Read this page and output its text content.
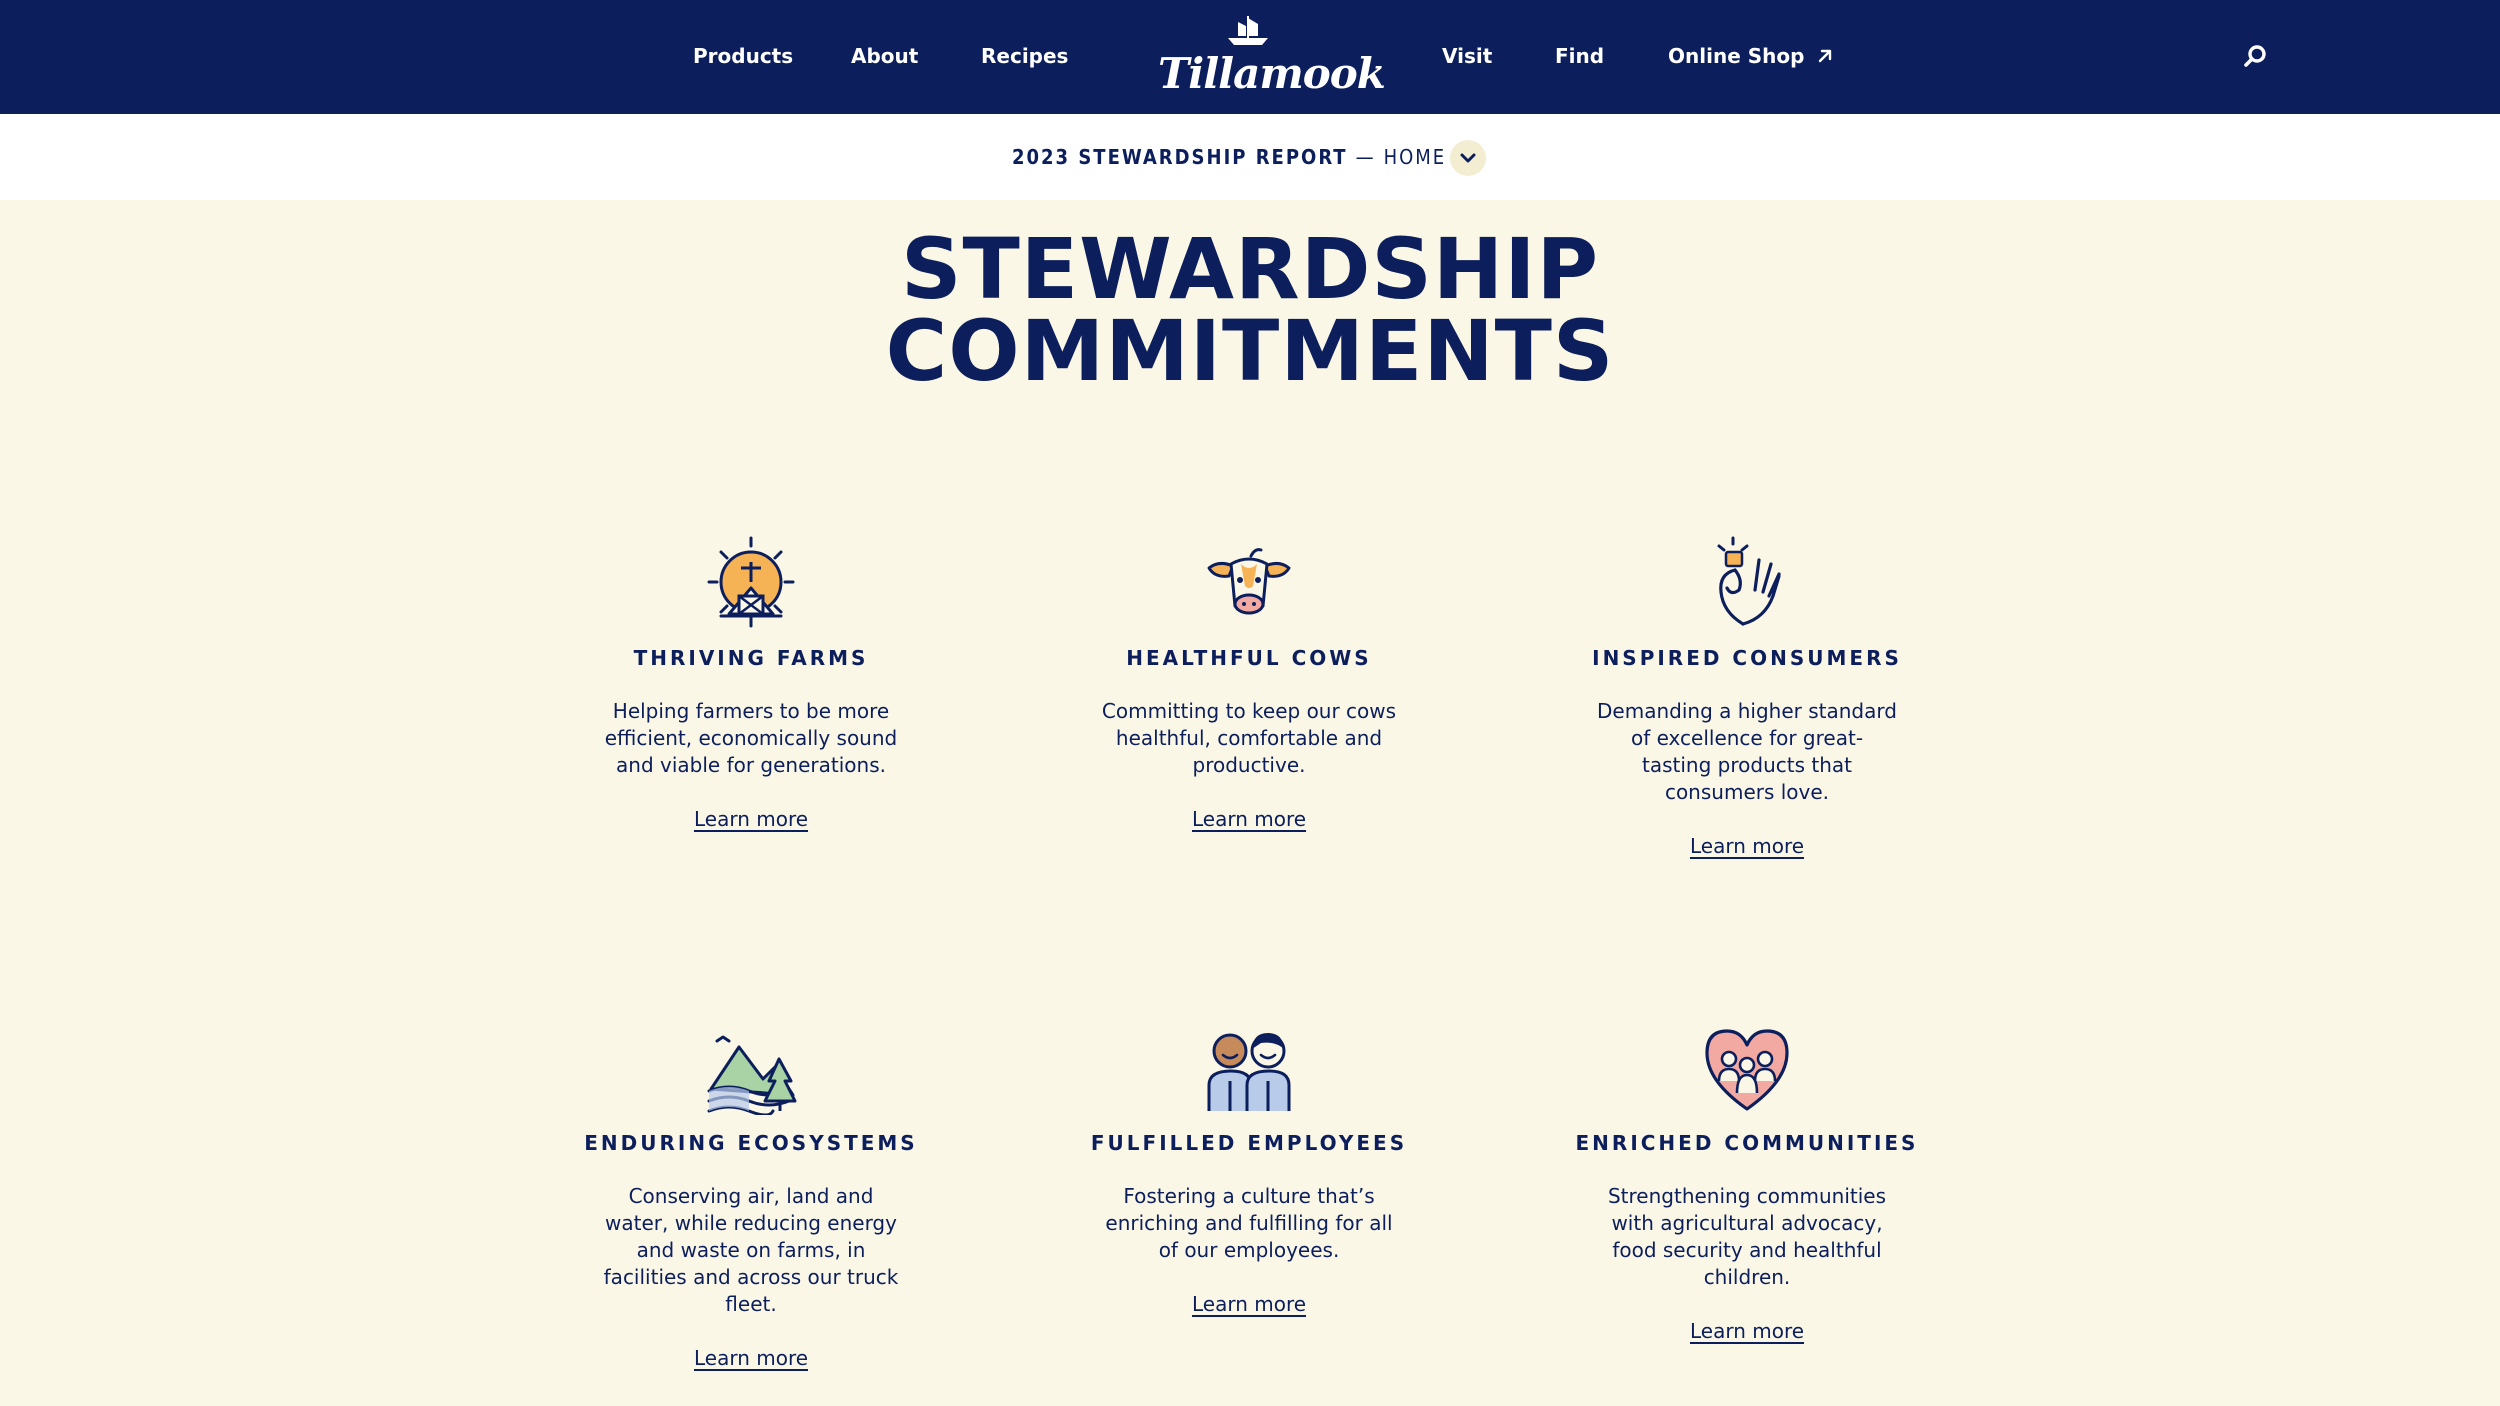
Products	About	Recipes Tillamook	Visit	Find	Online Shop
2023 STEWARDSHIP REPORT — HOME
STEWARDSHIP
COMMITMENTS
THRIVING FARMS

Helping farmers to be more efficient, economically sound and viable for generations.

Learn more
HEALTHFUL COWS

Committing to keep our cows healthful, comfortable and productive.

Learn more
INSPIRED CONSUMERS

Demanding a higher standard of excellence for great-tasting products that consumers love.

Learn more
ENDURING ECOSYSTEMS

Conserving air, land and water, while reducing energy and waste on farms, in facilities and across our truck fleet.

Learn more
FULFILLED EMPLOYEES

Fostering a culture that’s enriching and fulfilling for all of our employees.

Learn more
ENRICHED COMMUNITIES

Strengthening communities with agricultural advocacy, food security and healthful children.

Learn more
